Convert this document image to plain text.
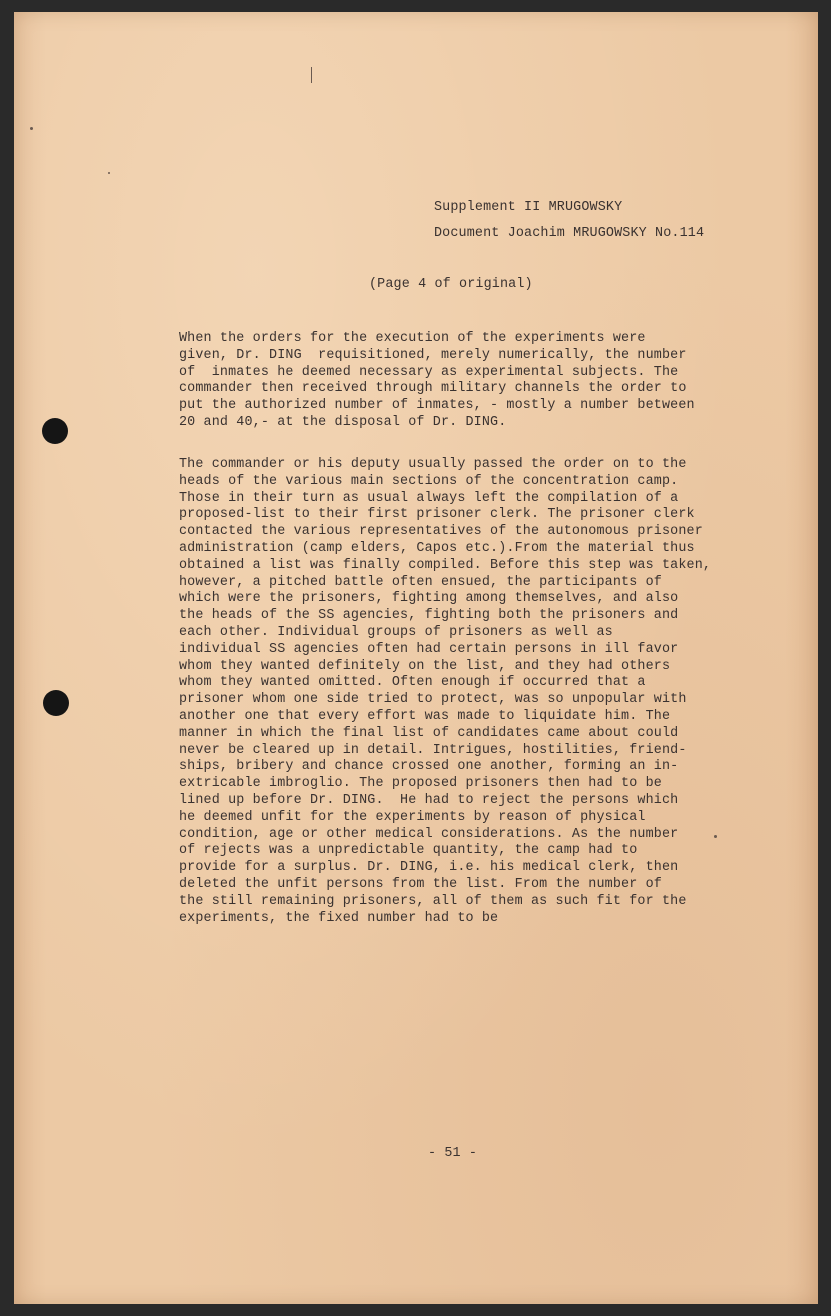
Supplement II MRUGOWSKY
Document Joachim MRUGOWSKY No.114
(Page 4 of original)
When the orders for the execution of the experiments were
given, Dr. DING  requisitioned, merely numerically, the number
of  inmates he deemed necessary as experimental subjects. The
commander then received through military channels the order to
put the authorized number of inmates, - mostly a number between
20 and 40,- at the disposal of Dr. DING.
The commander or his deputy usually passed the order on to the
heads of the various main sections of the concentration camp.
Those in their turn as usual always left the compilation of a
proposed-list to their first prisoner clerk. The prisoner clerk
contacted the various representatives of the autonomous prisoner
administration (camp elders, Capos etc.).From the material thus
obtained a list was finally compiled. Before this step was taken,
however, a pitched battle often ensued, the participants of
which were the prisoners, fighting among themselves, and also
the heads of the SS agencies, fighting both the prisoners and
each other. Individual groups of prisoners as well as
individual SS agencies often had certain persons in ill favor
whom they wanted definitely on the list, and they had others
whom they wanted omitted. Often enough if occurred that a
prisoner whom one side tried to protect, was so unpopular with
another one that every effort was made to liquidate him. The
manner in which the final list of candidates came about could
never be cleared up in detail. Intrigues, hostilities, friend-
ships, bribery and chance crossed one another, forming an in-
extricable imbroglio. The proposed prisoners then had to be
lined up before Dr. DING.  He had to reject the persons which
he deemed unfit for the experiments by reason of physical
condition, age or other medical considerations. As the number
of rejects was a unpredictable quantity, the camp had to
provide for a surplus. Dr. DING, i.e. his medical clerk, then
deleted the unfit persons from the list. From the number of
the still remaining prisoners, all of them as such fit for the
experiments, the fixed number had to be
- 51 -
